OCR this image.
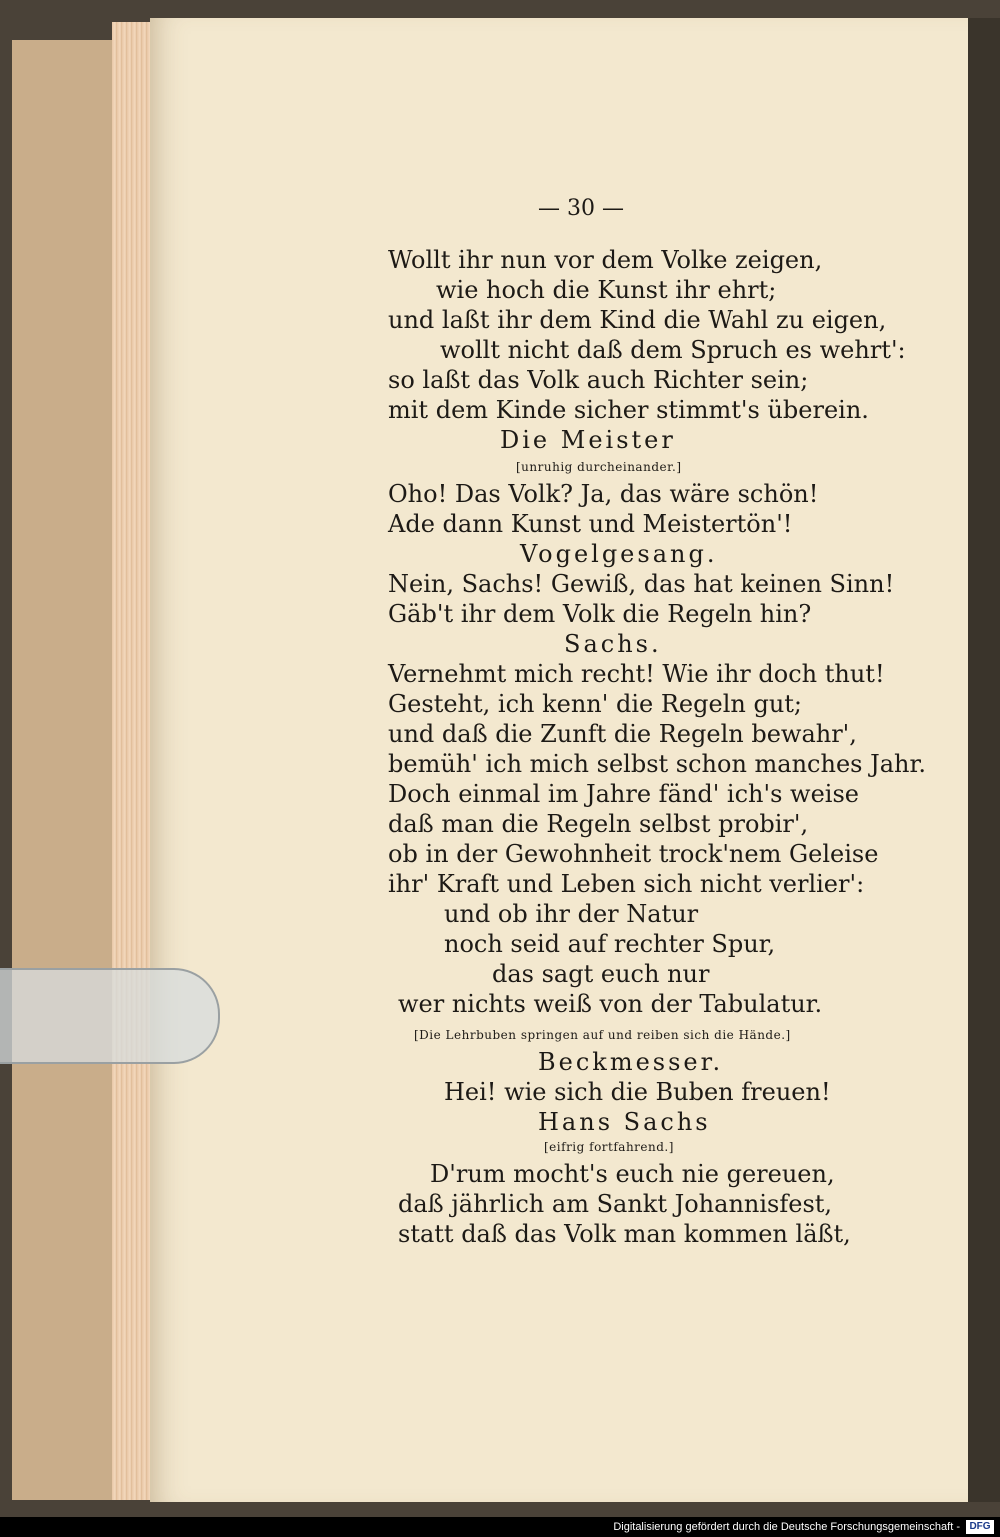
— 30 —
Wollt ihr nun vor dem Volke zeigen,
wie hoch die Kunst ihr ehrt;
und laßt ihr dem Kind die Wahl zu eigen,
wollt nicht daß dem Spruch es wehrt':
so laßt das Volk auch Richter sein;
mit dem Kinde sicher stimmt's überein.
Die Meister
[unruhig durcheinander.]
Oho! Das Volk? Ja, das wäre schön!
Ade dann Kunst und Meistertön'!
Vogelgesang.
Nein, Sachs! Gewiß, das hat keinen Sinn!
Gäb't ihr dem Volk die Regeln hin?
Sachs.
Vernehmt mich recht! Wie ihr doch thut!
Gesteht, ich kenn' die Regeln gut;
und daß die Zunft die Regeln bewahr',
bemüh' ich mich selbst schon manches Jahr.
Doch einmal im Jahre fänd' ich's weise
daß man die Regeln selbst probir',
ob in der Gewohnheit trock'nem Geleise
ihr' Kraft und Leben sich nicht verlier':
und ob ihr der Natur
noch seid auf rechter Spur,
das sagt euch nur
wer nichts weiß von der Tabulatur.
[Die Lehrbuben springen auf und reiben sich die Hände.]
Beckmesser.
Hei! wie sich die Buben freuen!
Hans Sachs
[eifrig fortfahrend.]
D'rum mocht's euch nie gereuen,
daß jährlich am Sankt Johannisfest,
statt daß das Volk man kommen läßt,
Digitalisierung gefördert durch die Deutsche Forschungsgemeinschaft - DFG
